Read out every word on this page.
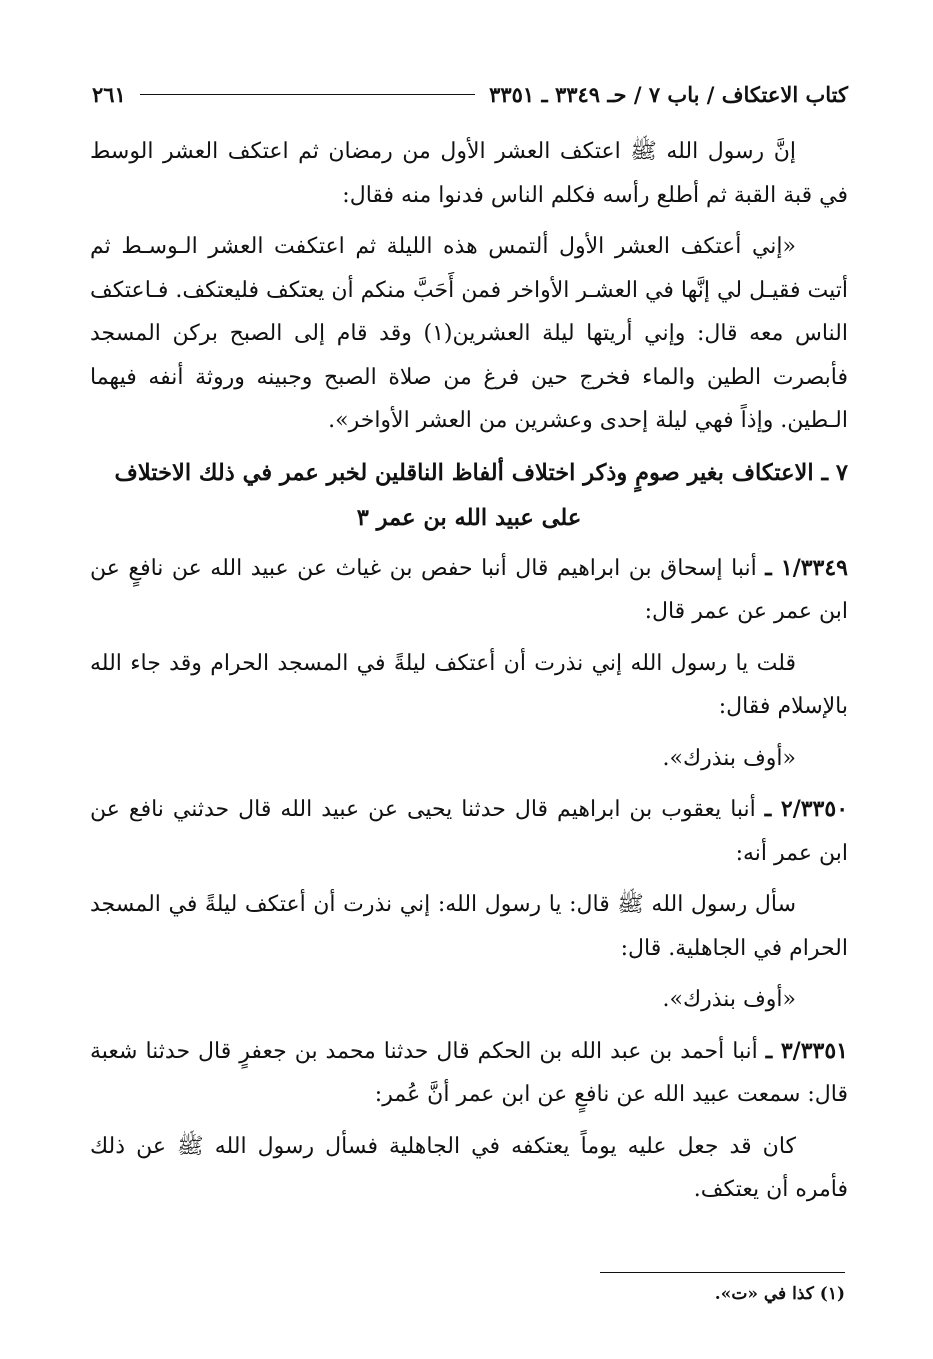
كتاب الاعتكاف / باب ٧ / حـ ٣٣٤٩ ـ ٣٣٥١
٢٦١

إنَّ رسول الله ﷺ اعتكف العشر الأول من رمضان ثم اعتكف العشر الوسط في قبة القبة ثم أطلع رأسه فكلم الناس فدنوا منه فقال:

«إني أعتكف العشر الأول ألتمس هذه الليلة ثم اعتكفت العشر الـوسـط ثم أتيت فقيـل لي إنَّها في العشـر الأواخر فمن أَحَبَّ منكم أن يعتكف فليعتكف. فـاعتكف الناس معه قال: وإني أريتها ليلة العشرين(١) وقد قام إلى الصبح بركن المسجد فأبصرت الطين والماء فخرج حين فرغ من صلاة الصبح وجبينه وروثة أنفه فيهما الـطين. وإذاً فهي ليلة إحدى وعشرين من العشر الأواخر».

٧ ـ الاعتكاف بغير صومٍ وذكر اختلاف ألفاظ الناقلين لخبر عمر في ذلك الاختلاف
على عبيد الله بن عمر ٣

١/٣٣٤٩ ـ أنبا إسحاق بن ابراهيم قال أنبا حفص بن غياث عن عبيد الله عن نافعٍ عن ابن عمر عن عمر قال:

قلت يا رسول الله إني نذرت أن أعتكف ليلةً في المسجد الحرام وقد جاء الله بالإسلام فقال:

«أوف بنذرك».

٢/٣٣٥٠ ـ أنبا يعقوب بن ابراهيم قال حدثنا يحيى عن عبيد الله قال حدثني نافع عن ابن عمر أنه:

سأل رسول الله ﷺ قال: يا رسول الله: إني نذرت أن أعتكف ليلةً في المسجد الحرام في الجاهلية. قال:

«أوف بنذرك».

٣/٣٣٥١ ـ أنبا أحمد بن عبد الله بن الحكم قال حدثنا محمد بن جعفرٍ قال حدثنا شعبة قال: سمعت عبيد الله عن نافعٍ عن ابن عمر أنَّ عُمر:

كان قد جعل عليه يوماً يعتكفه في الجاهلية فسأل رسول الله ﷺ عن ذلك فأمره أن يعتكف.

(١) كذا في «ت».
